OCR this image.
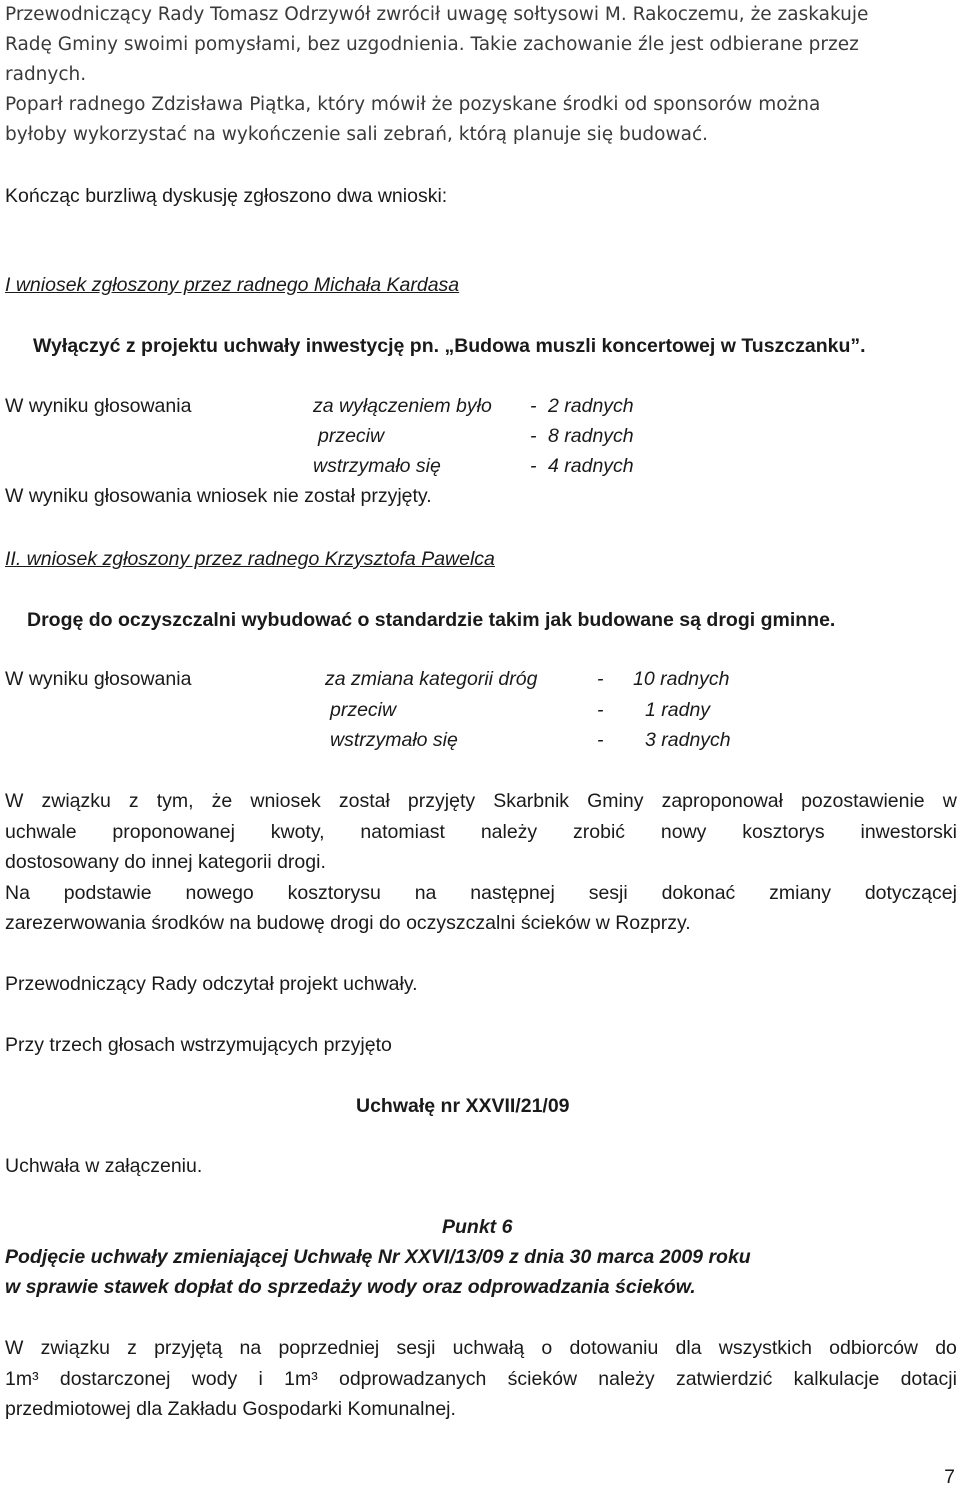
Przewodniczący Rady Tomasz Odrzywół zwrócił uwagę sołtysowi M. Rakoczemu, że zaskakuje
Radę Gminy swoimi pomysłami, bez uzgodnienia. Takie zachowanie źle jest odbierane przez
radnych.
Poparł radnego Zdzisława Piątka, który mówił że pozyskane środki od sponsorów można
byłoby wykorzystać na wykończenie sali zebrań, którą planuje się budować.
Kończąc burzliwą dyskusję zgłoszono dwa wnioski:
I wniosek zgłoszony przez radnego Michała Kardasa
Wyłączyć z projektu uchwały inwestycję pn. „Budowa muszli koncertowej w Tuszczanku”.
W wyniku głosowania	za wyłączeniem było - 2 radnych
przeciw	- 8 radnych
wstrzymało się	- 4 radnych
W wyniku głosowania wniosek nie został przyjęty.
II. wniosek zgłoszony przez radnego Krzysztofa Pawelca
Drogę do oczyszczalni wybudować o standardzie takim jak budowane są drogi gminne.
W wyniku głosowania	za zmiana kategorii dróg	- 10 radnych
przeciw	- 1 radny
wstrzymało się	- 3 radnych
W związku z tym, że wniosek został przyjęty Skarbnik Gminy zaproponował pozostawienie w
uchwale proponowanej kwoty, natomiast należy zrobić nowy kosztorys inwestorski
dostosowany do innej kategorii drogi.
Na podstawie nowego kosztorysu na następnej sesji dokonać zmiany dotyczącej
zarezerwowania środków na budowę drogi do oczyszczalni ścieków w Rozprzy.
Przewodniczący Rady odczytał projekt uchwały.
Przy trzech głosach wstrzymujących przyjęto
Uchwałę nr XXVII/21/09
Uchwała w załączeniu.
Punkt 6
Podjęcie uchwały zmieniającej Uchwałę Nr XXVI/13/09 z dnia 30 marca 2009 roku
w sprawie stawek dopłat do sprzedaży wody oraz odprowadzania ścieków.
W związku z przyjętą na poprzedniej sesji uchwałą o dotowaniu dla wszystkich odbiorców do
1m³ dostarczonej wody i 1m³ odprowadzanych ścieków należy zatwierdzić kalkulacje dotacji
przedmiotowej dla Zakładu Gospodarki Komunalnej.
7
